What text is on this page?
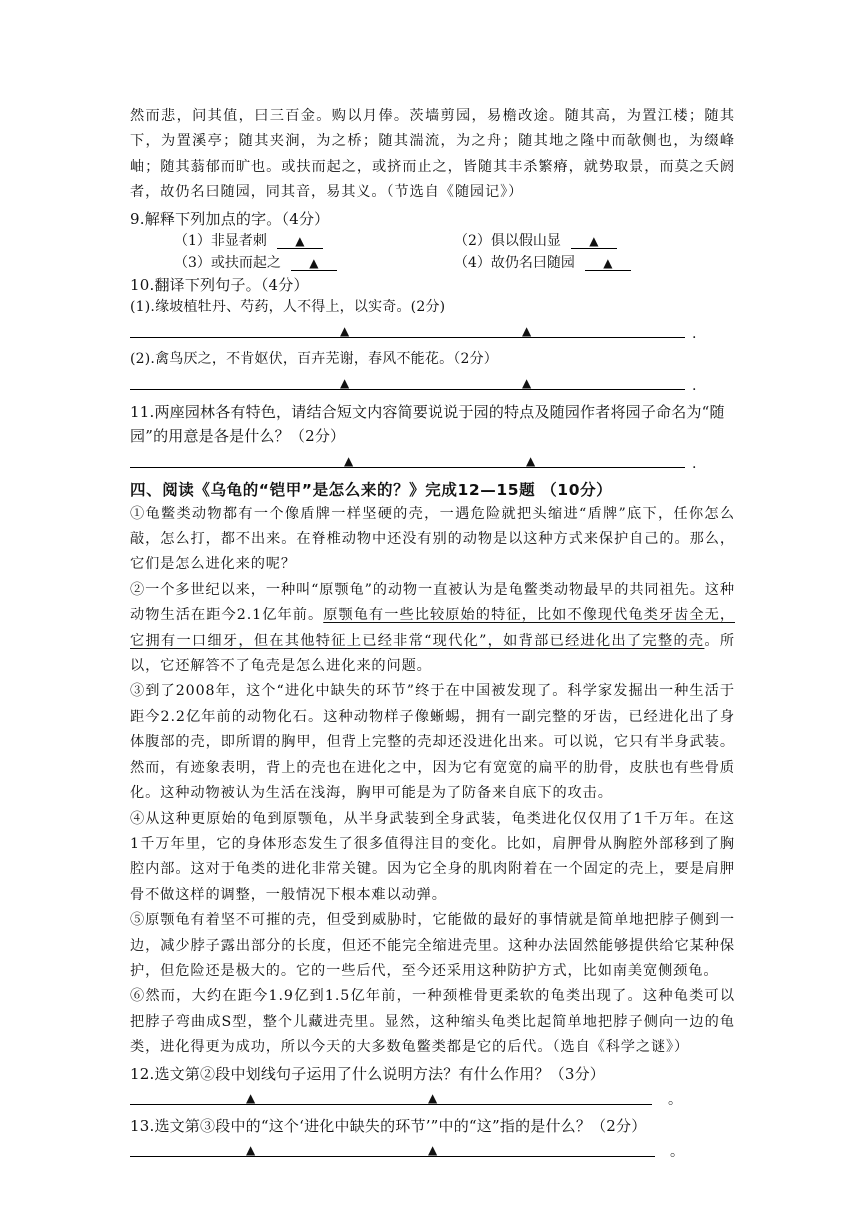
然而悲，问其值，曰三百金。购以月俸。茨墙剪园，易檐改途。随其高，为置江楼；随其下，为置溪亭；随其夹涧，为之桥；随其湍流，为之舟；随其地之隆中而欹侧也，为缀峰岫；随其蓊郁而旷也。或扶而起之，或挤而止之，皆随其丰杀繁瘠，就势取景，而莫之夭阏者，故仍名曰随园，同其音，易其义。（节选自《随园记》）

9.解释下列加点的字。（4分）

（1）非显者刺 ▲	（2）俱以假山显 ▲
（3）或扶而起之 ▲	（4）故仍名曰随园 ▲

10.翻译下列句子。（4分）

(1).缘坡植牡丹、芍药，人不得上，以实奇。(2分)

▲	▲	.

(2).禽鸟厌之，不肯妪伏，百卉芜谢，春风不能花。（2分）

▲	▲	.

11.两座园林各有特色，请结合短文内容简要说说于园的特点及随园作者将园子命名为“随园”的用意是各是什么？（2分）

▲	▲	.

四、阅读《乌龟的“铠甲”是怎么来的？》完成12—15题 （10分）

①龟鳖类动物都有一个像盾牌一样坚硬的壳，一遇危险就把头缩进“盾牌”底下，任你怎么敲，怎么打，都不出来。在脊椎动物中还没有别的动物是以这种方式来保护自己的。那么，它们是怎么进化来的呢？

②一个多世纪以来，一种叫“原颚龟”的动物一直被认为是龟鳖类动物最早的共同祖先。这种动物生活在距今2.1亿年前。原颚龟有一些比较原始的特征，比如不像现代龟类牙齿全无，它拥有一口细牙，但在其他特征上已经非常“现代化”，如背部已经进化出了完整的壳。所以，它还解答不了龟壳是怎么进化来的问题。

③到了2008年，这个“进化中缺失的环节”终于在中国被发现了。科学家发掘出一种生活于距今2.2亿年前的动物化石。这种动物样子像蜥蜴，拥有一副完整的牙齿，已经进化出了身体腹部的壳，即所谓的胸甲，但背上完整的壳却还没进化出来。可以说，它只有半身武装。然而，有迹象表明，背上的壳也在进化之中，因为它有宽宽的扁平的肋骨，皮肤也有些骨质化。这种动物被认为生活在浅海，胸甲可能是为了防备来自底下的攻击。

④从这种更原始的龟到原颚龟，从半身武装到全身武装，龟类进化仅仅用了1千万年。在这1千万年里，它的身体形态发生了很多值得注目的变化。比如，肩胛骨从胸腔外部移到了胸腔内部。这对于龟类的进化非常关键。因为它全身的肌肉附着在一个固定的壳上，要是肩胛骨不做这样的调整，一般情况下根本难以动弹。

⑤原颚龟有着坚不可摧的壳，但受到威胁时，它能做的最好的事情就是简单地把脖子侧到一边，减少脖子露出部分的长度，但还不能完全缩进壳里。这种办法固然能够提供给它某种保护，但危险还是极大的。它的一些后代，至今还采用这种防护方式，比如南美宽侧颈龟。

⑥然而，大约在距今1.9亿到1.5亿年前，一种颈椎骨更柔软的龟类出现了。这种龟类可以把脖子弯曲成S型，整个儿藏进壳里。显然，这种缩头龟类比起简单地把脖子侧向一边的龟类，进化得更为成功，所以今天的大多数龟鳖类都是它的后代。（选自《科学之谜》）

12.选文第②段中划线句子运用了什么说明方法？有什么作用？（3分）

▲	▲	。

13.选文第③段中的“这个‘进化中缺失的环节’”中的“这”指的是什么？（2分）

▲	▲	。
